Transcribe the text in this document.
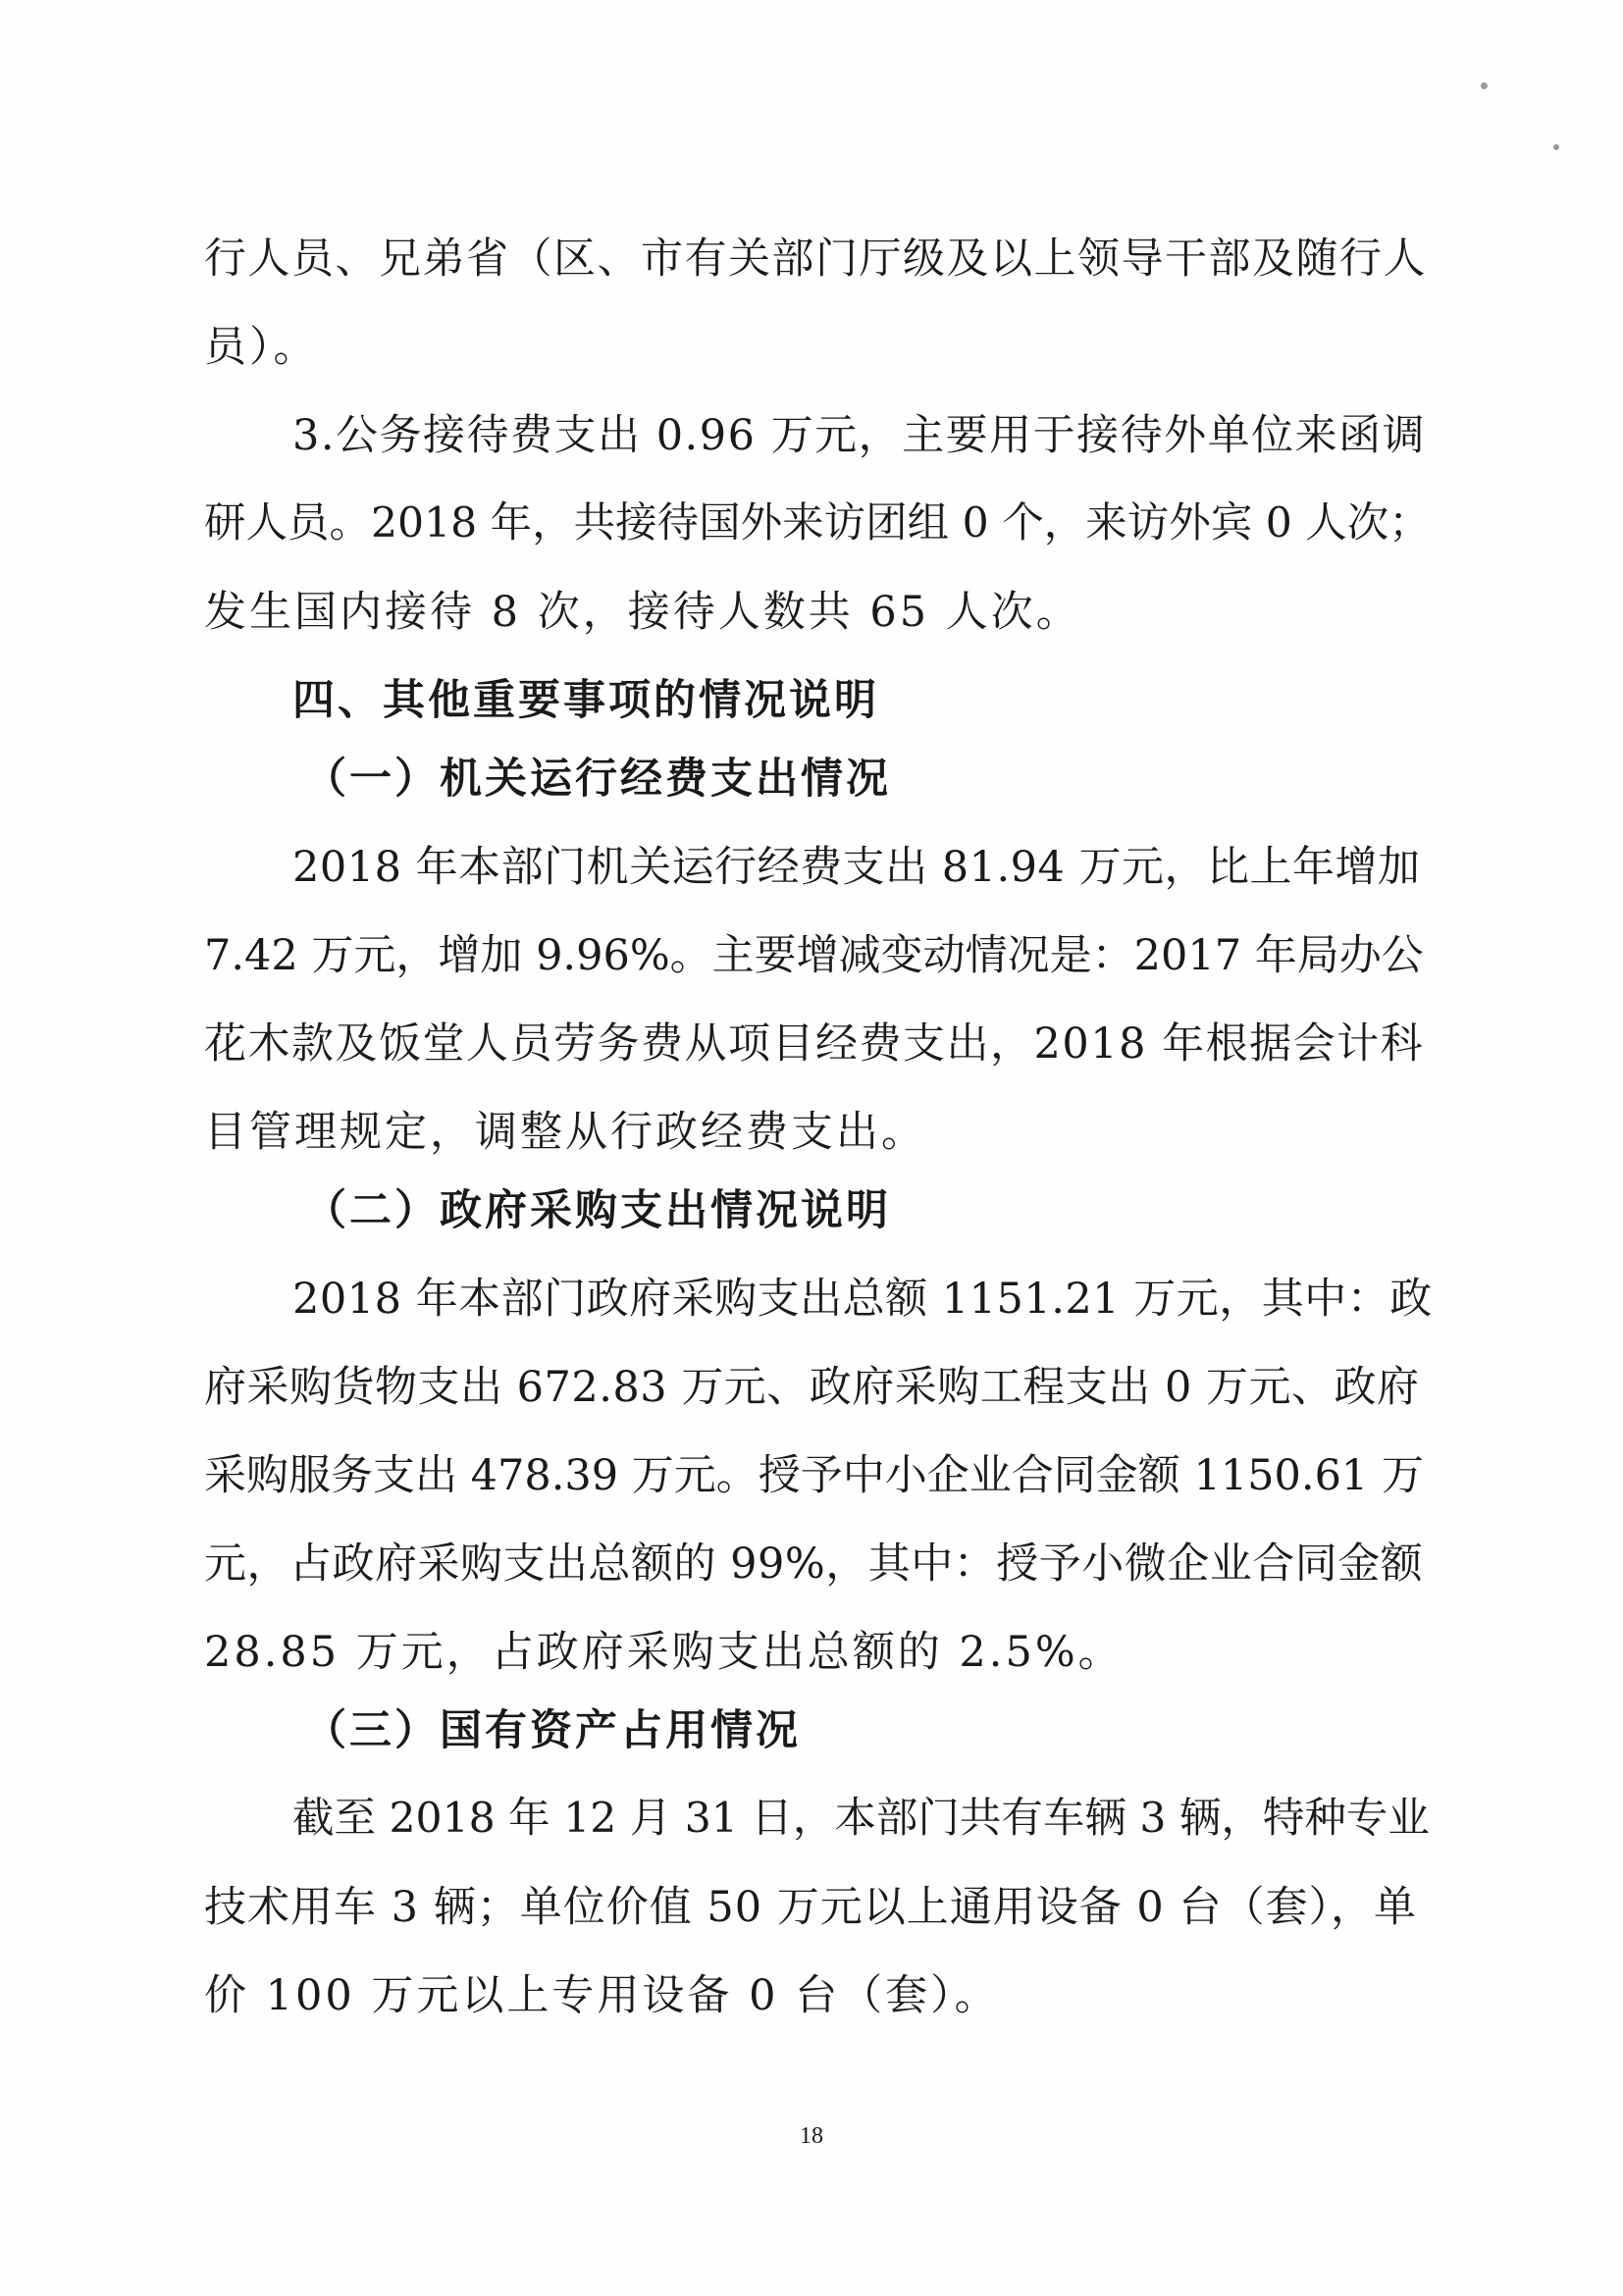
行人员、兄弟省（区、市有关部门厅级及以上领导干部及随行人
员）。
3.公务接待费支出 0.96 万元，主要用于接待外单位来函调
研人员。2018 年，共接待国外来访团组 0 个，来访外宾 0 人次；
发生国内接待 8 次，接待人数共 65 人次。
四、其他重要事项的情况说明
（一）机关运行经费支出情况
2018 年本部门机关运行经费支出 81.94 万元，比上年增加
7.42 万元，增加 9.96%。主要增减变动情况是：2017 年局办公
花木款及饭堂人员劳务费从项目经费支出，2018 年根据会计科
目管理规定，调整从行政经费支出。
（二）政府采购支出情况说明
2018 年本部门政府采购支出总额 1151.21 万元，其中：政
府采购货物支出 672.83 万元、政府采购工程支出 0 万元、政府
采购服务支出 478.39 万元。授予中小企业合同金额 1150.61 万
元，占政府采购支出总额的 99%，其中：授予小微企业合同金额
28.85 万元，占政府采购支出总额的 2.5%。
（三）国有资产占用情况
截至 2018 年 12 月 31 日，本部门共有车辆 3 辆，特种专业
技术用车 3 辆；单位价值 50 万元以上通用设备 0 台（套），单
价 100 万元以上专用设备 0 台（套）。
18
